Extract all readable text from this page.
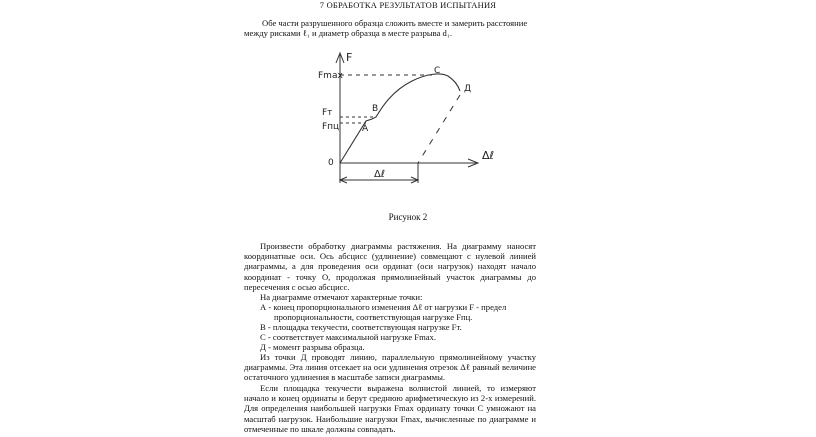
7 ОБРАБОТКА РЕЗУЛЬТАТОВ ИСПЫТАНИЯ
Обе части разрушенного образца сложить вместе и замерить расстояние
между рисками ℓ₁ и диаметр образца в месте разрыва d₁.
F
Δℓ
0
Fmax
Fт
Fпц	A
B
C
Д
Δℓ
Рисунок 2
Произвести обработку диаграммы растяжения. На диаграмму наносят координатные оси. Ось абсцисс (удлинение) совмещают с нулевой линией диаграммы, а для проведения оси ординат (оси нагрузок) находят начало координат - точку О, продолжая прямолинейный участок диаграммы до пересечения с осью абсцисс.
На диаграмме отмечают характерные точки:
А - конец пропорционального изменения Δℓ от нагрузки F - предел
пропорциональности, соответствующая нагрузке Fпц.
В - площадка текучести, соответствующая нагрузке Fт.
С - соответствует максимальной нагрузке Fmax.
Д - момент разрыва образца.
Из точки Д проводят линию, параллельную прямолинейному участку диаграммы. Эта линия отсекает на оси удлинения отрезок Δℓ равный величине остаточного удлинения в масштабе записи диаграммы.
Если площадка текучести выражена волнистой линией, то измеряют начало и конец ординаты и берут среднюю арифметическую из 2-х измерений. Для определения наибольшей нагрузки Fmax ординату точки С умножают на масштаб нагрузок. Наибольшие нагрузки Fmax, вычисленные по диаграмме и отмеченные по шкале должны совпадать.
